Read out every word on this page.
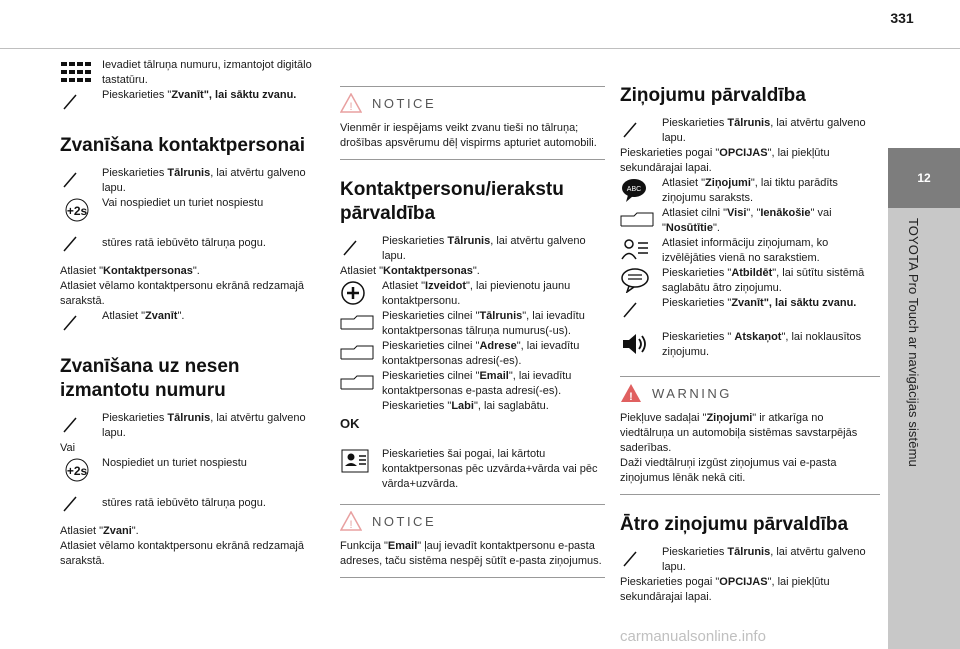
331
12
TOYOTA Pro Touch ar navigācijas sistēmu
Ievadiet tālruņa numuru, izmantojot digitālo tastatūru.
Pieskarieties "Zvanīt", lai sāktu zvanu.
Zvanīšana kontaktpersonai
Pieskarieties Tālrunis, lai atvērtu galveno lapu.
+2s
Vai nospiediet un turiet nospiestu
stūres ratā iebūvēto tālruņa pogu.
Atlasiet "Kontaktpersonas".
Atlasiet vēlamo kontaktpersonu ekrānā redzamajā sarakstā.
Atlasiet "Zvanīt".
Zvanīšana uz nesen izmantotu numuru
Pieskarieties Tālrunis, lai atvērtu galveno lapu.
Vai
+2s
Nospiediet un turiet nospiestu
stūres ratā iebūvēto tālruņa pogu.
Atlasiet "Zvani".
Atlasiet vēlamo kontaktpersonu ekrānā redzamajā sarakstā.
! NOTICE
Vienmēr ir iespējams veikt zvanu tieši no tālruņa; drošības apsvērumu dēļ vispirms apturiet automobili.
Kontaktpersonu/ierakstu pārvaldība
Pieskarieties Tālrunis, lai atvērtu galveno lapu.
Atlasiet "Kontaktpersonas".
Atlasiet "Izveidot", lai pievienotu jaunu kontaktpersonu.
Pieskarieties cilnei "Tālrunis", lai ievadītu kontaktpersonas tālruņa numurus(-us).
Pieskarieties cilnei "Adrese", lai ievadītu kontaktpersonas adresi(-es).
Pieskarieties cilnei "Email", lai ievadītu kontaktpersonas e-pasta adresi(-es).
OK
Pieskarieties "Labi", lai saglabātu.
Pieskarieties šai pogai, lai kārtotu kontaktpersonas pēc uzvārda+vārda vai pēc vārda+uzvārda.
! NOTICE
Funkcija "Email" ļauj ievadīt kontaktpersonu e-pasta adreses, taču sistēma nespēj sūtīt e-pasta ziņojumus.
Ziņojumu pārvaldība
Pieskarieties Tālrunis, lai atvērtu galveno lapu.
Pieskarieties pogai "OPCIJAS", lai piekļūtu sekundārajai lapai.
ABC
Atlasiet "Ziņojumi", lai tiktu parādīts ziņojumu saraksts.
Atlasiet cilni "Visi", "Ienākošie" vai "Nosūtītie".
Atlasiet informāciju ziņojumam, ko izvēlējāties vienā no sarakstiem.
Pieskarieties "Atbildēt", lai sūtītu sistēmā saglabātu ātro ziņojumu.
Pieskarieties "Zvanīt", lai sāktu zvanu.
Pieskarieties " Atskaņot", lai noklausītos ziņojumu.
! WARNING
Piekļuve sadaļai "Ziņojumi" ir atkarīga no viedtālruņa un automobiļa sistēmas savstarpējās saderības.
Daži viedtālruņi izgūst ziņojumus vai e-pasta ziņojumus lēnāk nekā citi.
Ātro ziņojumu pārvaldība
Pieskarieties Tālrunis, lai atvērtu galveno lapu.
Pieskarieties pogai "OPCIJAS", lai piekļūtu sekundārajai lapai.
carmanualsonline.info
